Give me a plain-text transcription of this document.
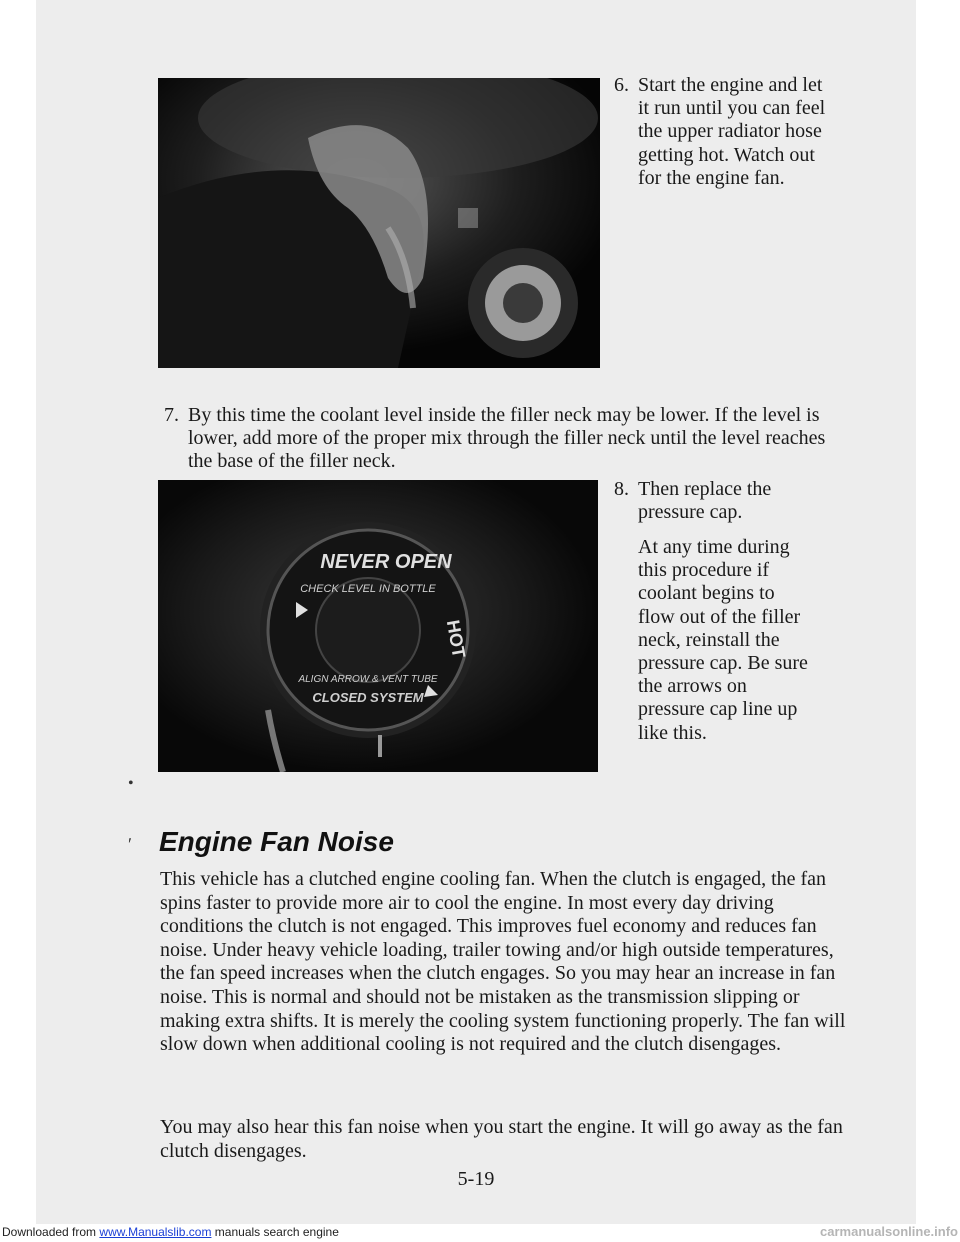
6. Start the engine and let it run until you can feel the upper radiator hose getting hot. Watch out for the engine fan.

7. By this time the coolant level inside the filler neck may be lower. If the level is lower, add more of the proper mix through the filler neck until the level reaches the base of the filler neck.

NEVER OPEN
CHECK LEVEL IN BOTTLE
ALIGN ARROW & VENT TUBE
CLOSED SYSTEM
HOT

8. Then replace the pressure cap.

At any time during this procedure if coolant begins to flow out of the filler neck, reinstall the pressure cap. Be sure the arrows on pressure cap line up like this.

•
ʹ Engine Fan Noise

This vehicle has a clutched engine cooling fan. When the clutch is engaged, the fan spins faster to provide more air to cool the engine. In most every day driving conditions the clutch is not engaged. This improves fuel economy and reduces fan noise. Under heavy vehicle loading, trailer towing and/or high outside temperatures, the fan speed increases when the clutch engages. So you may hear an increase in fan noise. This is normal and should not be mistaken as the transmission slipping or making extra shifts. It is merely the cooling system functioning properly. The fan will slow down when additional cooling is not required and the clutch disengages.

You may also hear this fan noise when you start the engine. It will go away as the fan clutch disengages.

5-19
Downloaded from www.Manualslib.com manuals search engine	carmanualsonline.info
